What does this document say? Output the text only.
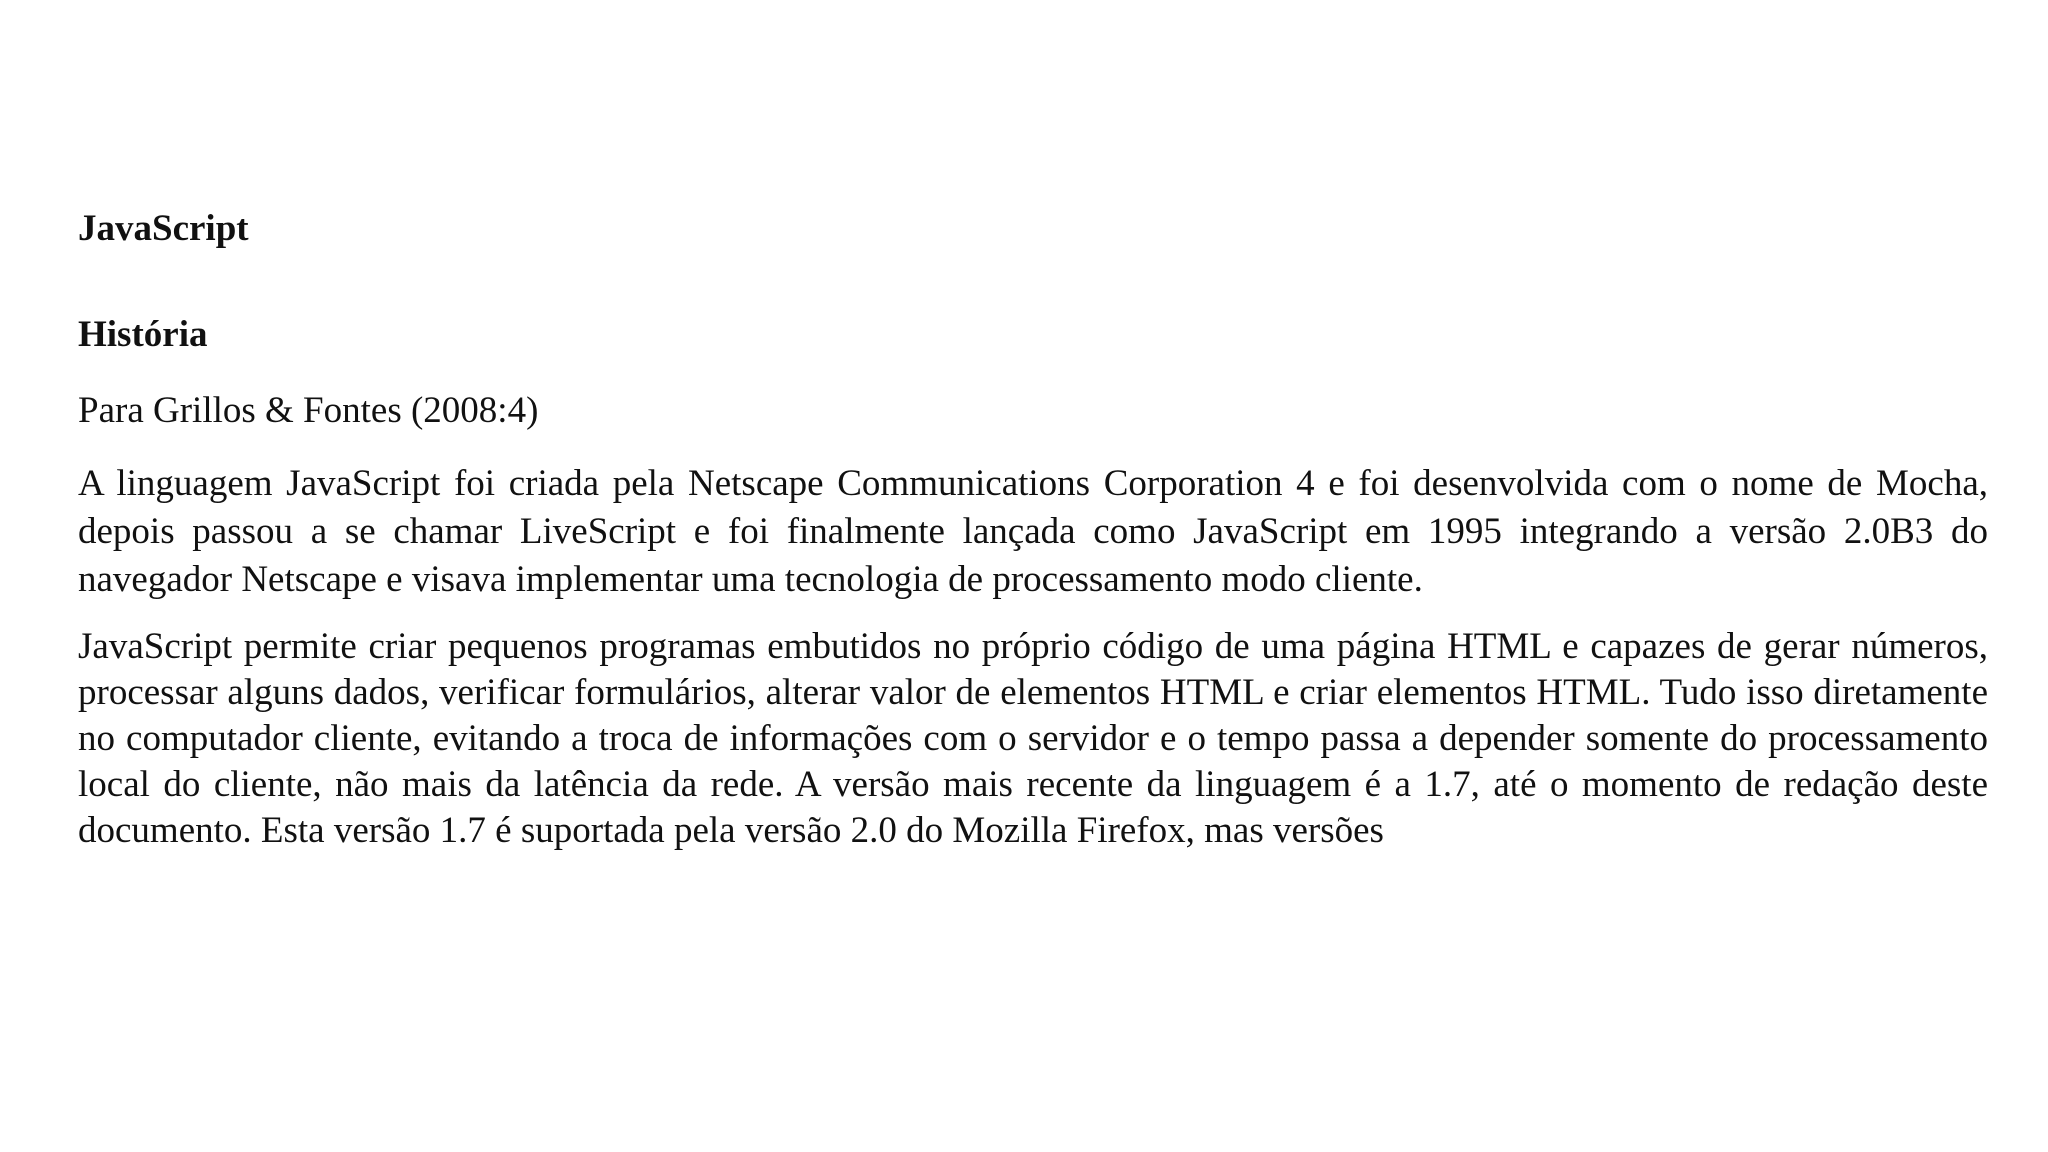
JavaScript
História

Para Grillos & Fontes (2008:4)

A linguagem JavaScript foi criada pela Netscape Communications Corporation 4 e foi desenvolvida com o nome de Mocha, depois passou a se chamar LiveScript e foi finalmente lançada como JavaScript em 1995 integrando a versão 2.0B3 do navegador Netscape e visava implementar uma tecnologia de processamento modo cliente.

JavaScript permite criar pequenos programas embutidos no próprio código de uma página HTML e capazes de gerar números, processar alguns dados, verificar formulários, alterar valor de elementos HTML e criar elementos HTML. Tudo isso diretamente no computador cliente, evitando a troca de informações com o servidor e o tempo passa a depender somente do processamento local do cliente, não mais da latência da rede. A versão mais recente da linguagem é a 1.7, até o momento de redação deste documento. Esta versão 1.7 é suportada pela versão 2.0 do Mozilla Firefox, mas versões
